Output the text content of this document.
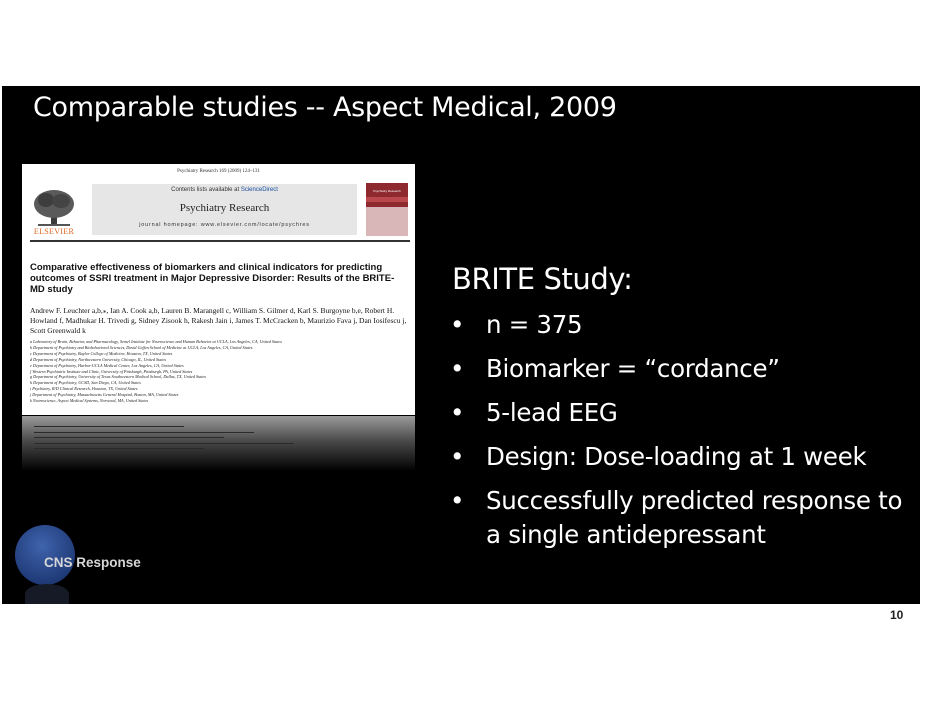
Comparable studies -- Aspect Medical, 2009
Psychiatry Research 169 (2009) 124–131
ELSEVIER
Contents lists available at ScienceDirect
Psychiatry Research
journal homepage: www.elsevier.com/locate/psychres
Psychiatry Research
Comparative effectiveness of biomarkers and clinical indicators for predicting outcomes of SSRI treatment in Major Depressive Disorder: Results of the BRITE-MD study
Andrew F. Leuchter a,b,⁎, Ian A. Cook a,b, Lauren B. Marangell c, William S. Gilmer d, Karl S. Burgoyne b,e, Robert H. Howland f, Madhukar H. Trivedi g, Sidney Zisook h, Rakesh Jain i, James T. McCracken b, Maurizio Fava j, Dan Iosifescu j, Scott Greenwald k
a Laboratory of Brain, Behavior, and Pharmacology, Semel Institute for Neuroscience and Human Behavior at UCLA, Los Angeles, CA, United States
b Department of Psychiatry and Biobehavioral Sciences, David Geffen School of Medicine at UCLA, Los Angeles, CA, United States
c Department of Psychiatry, Baylor College of Medicine, Houston, TX, United States
d Department of Psychiatry, Northwestern University, Chicago, IL, United States
e Department of Psychiatry, Harbor-UCLA Medical Center, Los Angeles, CA, United States
f Western Psychiatric Institute and Clinic, University of Pittsburgh, Pittsburgh, PA, United States
g Department of Psychiatry, University of Texas Southwestern Medical School, Dallas, TX, United States
h Department of Psychiatry, UCSD, San Diego, CA, United States
i Psychiatry, R/D Clinical Research, Houston, TX, United States
j Department of Psychiatry, Massachusetts General Hospital, Boston, MA, United States
k Neuroscience, Aspect Medical Systems, Norwood, MA, United States
CNS Response
BRITE Study:
• n = 375
• Biomarker = “cordance”
• 5-lead EEG
• Design: Dose-loading at 1 week
• Successfully predicted response to a single antidepressant
10
